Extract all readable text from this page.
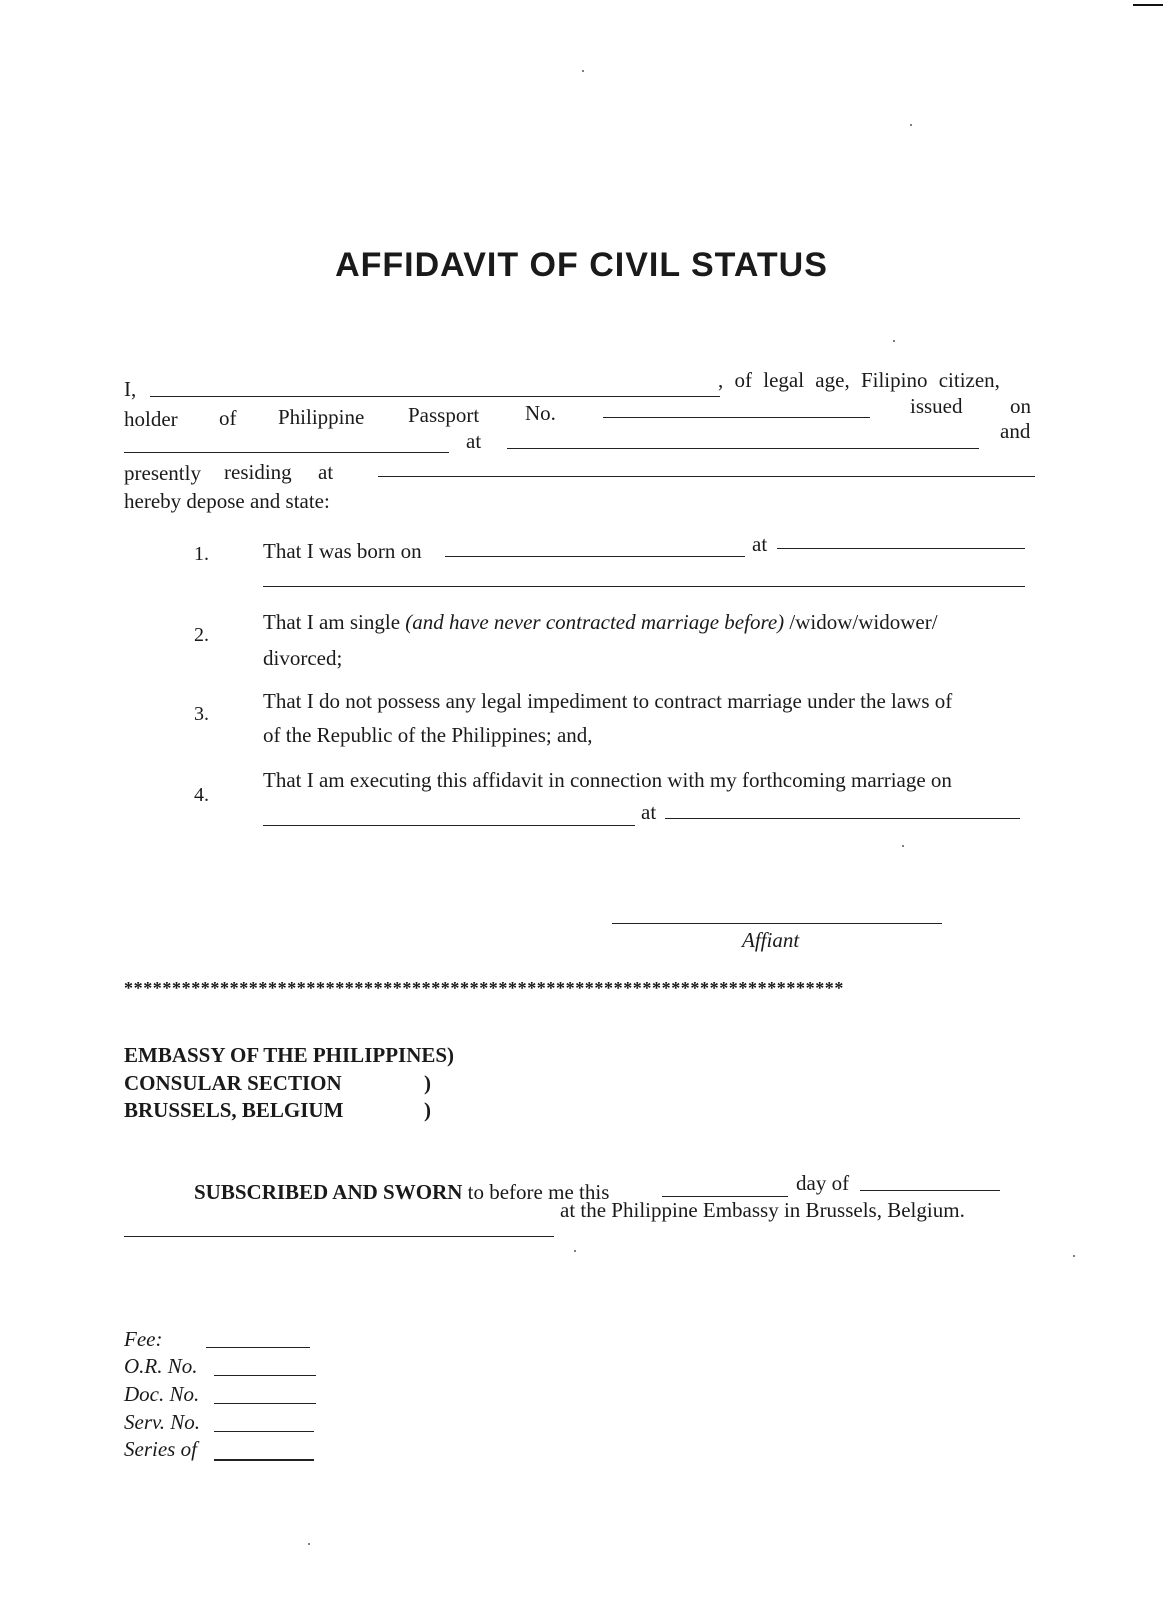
AFFIDAVIT OF CIVIL STATUS
I,	, of legal age, Filipino citizen,
holder of Philippine Passport No.	issued on
at	and
presently residing at
hereby depose and state:
1.	That I was born on	at
2.
That I am single (and have never contracted marriage before) /widow/widower/
divorced;
3.
That I do not possess any legal impediment to contract marriage under the laws of
of the Republic of the Philippines; and,
4.
That I am executing this affidavit in connection with my forthcoming marriage on
at
Affiant
***************************************************************************
EMBASSY OF THE PHILIPPINES)
CONSULAR SECTION	)
BRUSSELS, BELGIUM	)
SUBSCRIBED AND SWORN to before me this	day of
at the Philippine Embassy in Brussels, Belgium.
Fee:
O.R. No.
Doc. No.
Serv. No.
Series of
